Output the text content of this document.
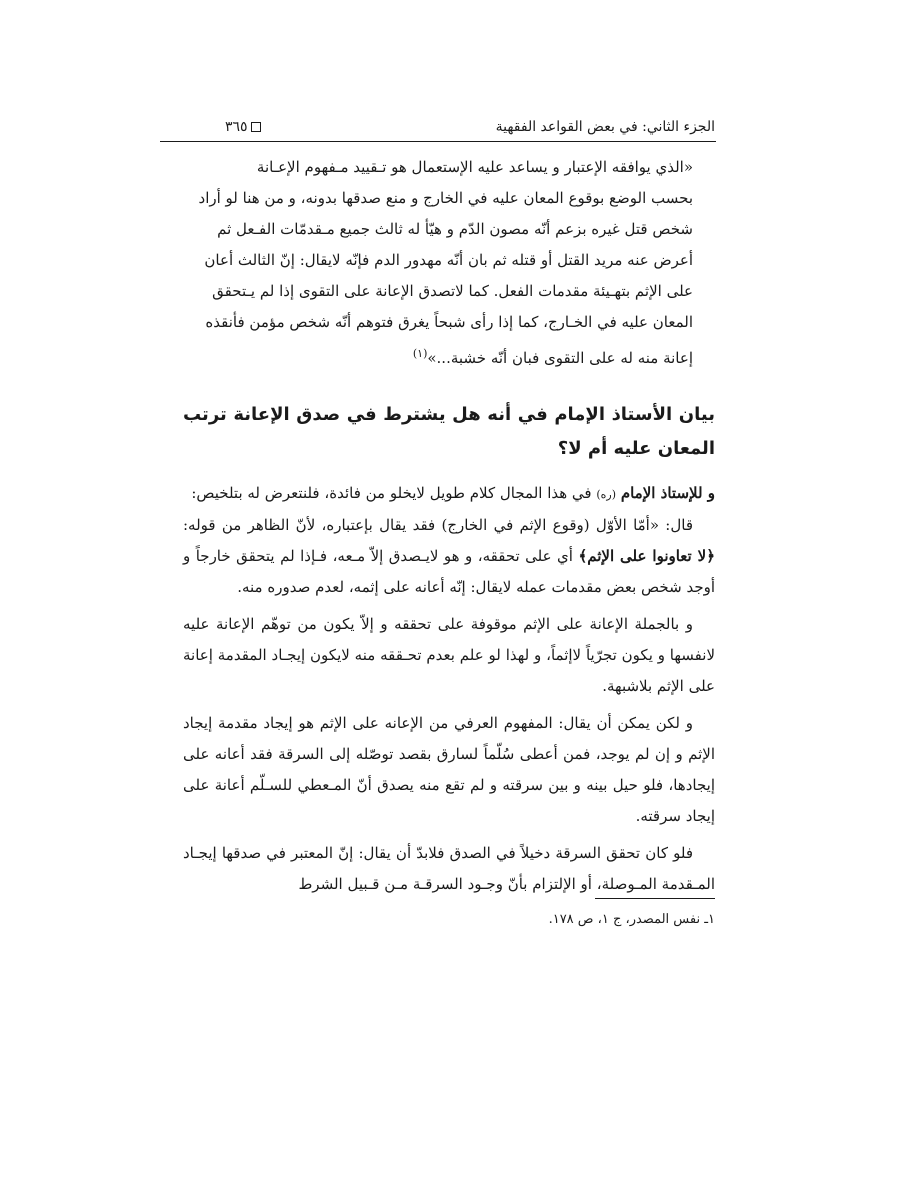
الجزء الثاني: في بعض القواعد الفقهية
٣٦٥
«الذي يوافقه الإعتبار و يساعد عليه الإستعمال هو تـقييد مـفهوم الإعـانة
بحسب الوضع بوقوع المعان عليه في الخارج و منع صدقها بدونه، و من هنا لو أراد
شخص قتل غيره بزعم أنّه مصون الدّم و هيّأ له ثالث جميع مـقدمّات الفـعل ثم
أعرض عنه مريد القتل أو قتله ثم بان أنّه مهدور الدم فإنّه لايقال: إنّ الثالث أعان
على الإثم بتهـيئة مقدمات الفعل. كما لاتصدق الإعانة على التقوى إذا لم يـتحقق
المعان عليه في الخـارج، كما إذا رأى شبحاً يغرق فتوهم أنّه شخص مؤمن فأنقذه
إعانة منه له على التقوى فبان أنّه خشبة...»$^{(١)}$
بيان الأستاذ الإمام في أنه هل يشترط في صدق الإعانة ترتب المعان عليه أم لا؟

و للإستاذ الإمام (ره) في هذا المجال كلام طويل لايخلو من فائدة، فلنتعرض له بتلخيص:

قال: «أمّا الأوّل (وقوع الإثم في الخارج) فقد يقال بإعتباره، لأنّ الظاهر من قوله: ﴿لا تعاونوا على الإثم﴾ أي على تحققه، و هو لايـصدق إلاّ مـعه، فـإذا لم يتحقق خارجاً و أوجد شخص بعض مقدمات عمله لايقال: إنّه أعانه على إثمه، لعدم صدوره منه.

و بالجملة الإعانة على الإثم موقوفة على تحققه و إلاّ يكون من توهّم الإعانة عليه لانفسها و يكون تجرّياً لاإثماً، و لهذا لو علم بعدم تحـققه منه لايكون إيجـاد المقدمة إعانة على الإثم بلاشبهة.

و لكن يمكن أن يقال: المفهوم العرفي من الإعانه على الإثم هو إيجاد مقدمة إيجاد الإثم و إن لم يوجد، فمن أعطى سُلّماً لسارق بقصد توصّله إلى السرقة فقد أعانه على إيجادها، فلو حيل بينه و بين سرقته و لم تقع منه يصدق أنّ المـعطي للسـلّم أعانة على إيجاد سرقته.

فلو كان تحقق السرقة دخيلاً في الصدق فلابدّ أن يقال: إنّ المعتبر في صدقها إيجـاد المـقدمة المـوصلة، أو الإلتزام بأنّ وجـود السرقـة مـن قـبيل الشرط

١ـ نفس المصدر، ج ١، ص ١٧٨.
